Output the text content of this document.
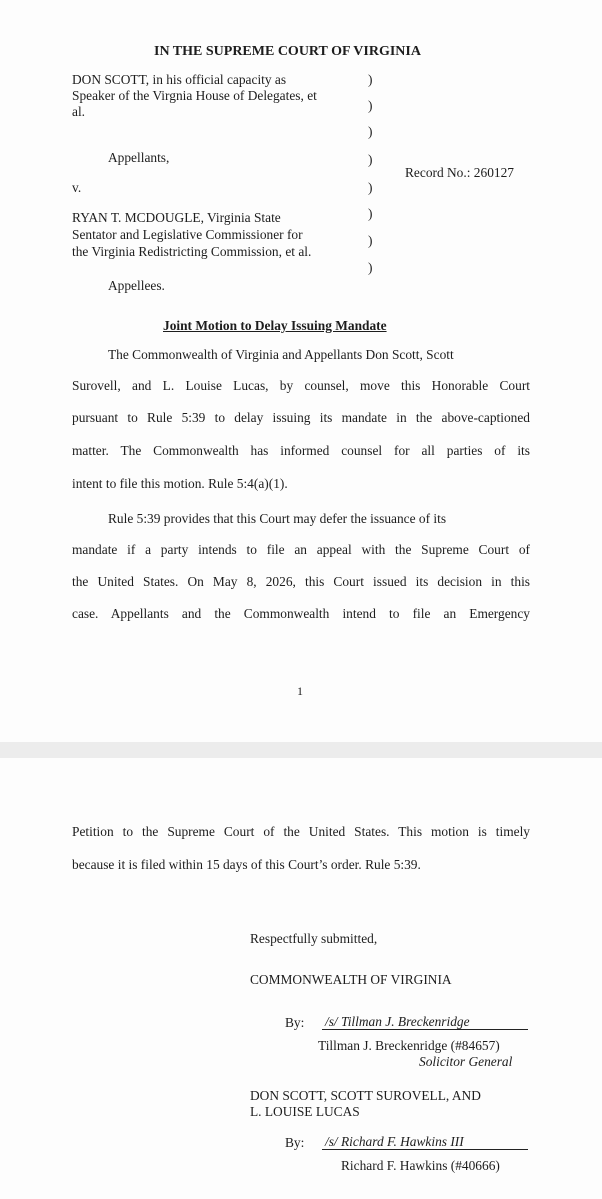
IN THE SUPREME COURT OF VIRGINIA
DON SCOTT, in his official capacity as
Speaker of the Virgnia House of Delegates, et
al.
Appellants,
v.
RYAN T. MCDOUGLE, Virginia State
Sentator and Legislative Commissioner for
the Virginia Redistricting Commission, et al.
Appellees.
)
)
)
)
)
)
)
)
Record No.: 260127
Joint Motion to Delay Issuing Mandate
The Commonwealth of Virginia and Appellants Don Scott, Scott
Surovell, and L. Louise Lucas, by counsel, move this Honorable Court
pursuant to Rule 5:39 to delay issuing its mandate in the above-captioned
matter. The Commonwealth has informed counsel for all parties of its
intent to file this motion. Rule 5:4(a)(1).
Rule 5:39 provides that this Court may defer the issuance of its
mandate if a party intends to file an appeal with the Supreme Court of
the United States. On May 8, 2026, this Court issued its decision in this
case. Appellants and the Commonwealth intend to file an Emergency
1
Petition to the Supreme Court of the United States. This motion is timely
because it is filed within 15 days of this Court’s order. Rule 5:39.
Respectfully submitted,
COMMONWEALTH OF VIRGINIA
By: /s/ Tillman J. Breckenridge
Tillman J. Breckenridge (#84657)
Solicitor General
DON SCOTT, SCOTT SUROVELL, AND
L. LOUISE LUCAS
By: /s/ Richard F. Hawkins III
Richard F. Hawkins (#40666)
